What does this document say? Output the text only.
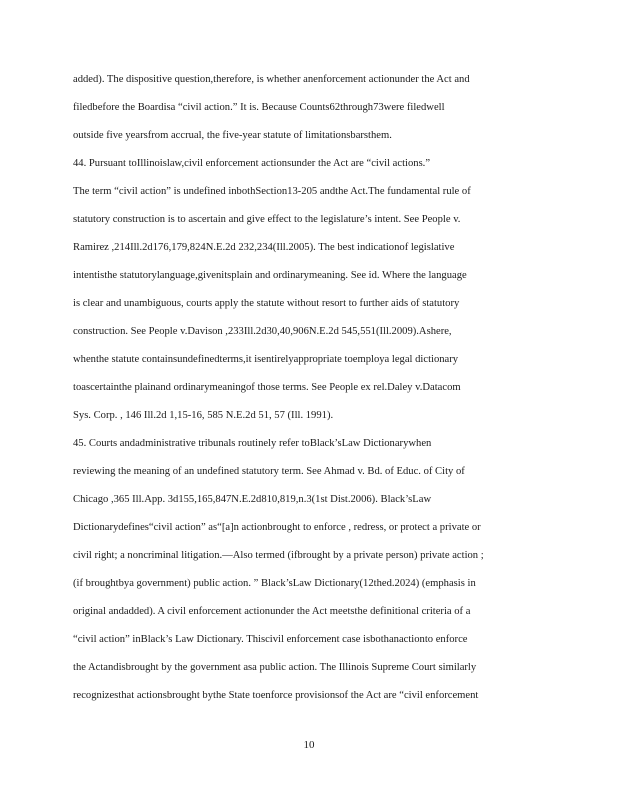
added). The dispositive question,therefore, is whether anenforcement actionunder the Act and
filedbefore the Boardisa “civil action.” It is. Because Counts62through73were filedwell
outside five yearsfrom accrual, the five-year statute of limitationsbarsthem.
44. Pursuant toIllinoislaw,civil enforcement actionsunder the Act are “civil actions.”
The term “civil action” is undefined inbothSection13-205 andthe Act.The fundamental rule of
statutory construction is to ascertain and give effect to the legislature’s intent. See People v.
Ramirez ,214Ill.2d176,179,824N.E.2d 232,234(Ill.2005). The best indicationof legislative
intentisthe statutorylanguage,givenitsplain and ordinarymeaning. See id. Where the language
is clear and unambiguous, courts apply the statute without resort to further aids of statutory
construction. See People v.Davison ,233Ill.2d30,40,906N.E.2d 545,551(Ill.2009).Ashere,
whenthe statute containsundefinedterms,it isentirelyappropriate toemploya legal dictionary
toascertainthe plainand ordinarymeaningof those terms. See People ex rel.Daley v.Datacom
Sys. Corp. , 146 Ill.2d 1,15-16, 585 N.E.2d 51, 57 (Ill. 1991).
45. Courts andadministrative tribunals routinely refer toBlack’sLaw Dictionarywhen
reviewing the meaning of an undefined statutory term. See Ahmad v. Bd. of Educ. of City of
Chicago ,365 Ill.App. 3d155,165,847N.E.2d810,819,n.3(1st Dist.2006). Black’sLaw
Dictionarydefines“civil action” as“[a]n actionbrought to enforce , redress, or protect a private or
civil right; a noncriminal litigation.—Also termed (ifbrought by a private person) private action ;
(if broughtbya government) public action. ” Black’sLaw Dictionary(12thed.2024) (emphasis in
original andadded). A civil enforcement actionunder the Act meetsthe definitional criteria of a
“civil action” inBlack’s Law Dictionary. Thiscivil enforcement case isbothanactionto enforce
the Actandisbrought by the government asa public action. The Illinois Supreme Court similarly
recognizesthat actionsbrought bythe State toenforce provisionsof the Act are “civil enforcement
10
